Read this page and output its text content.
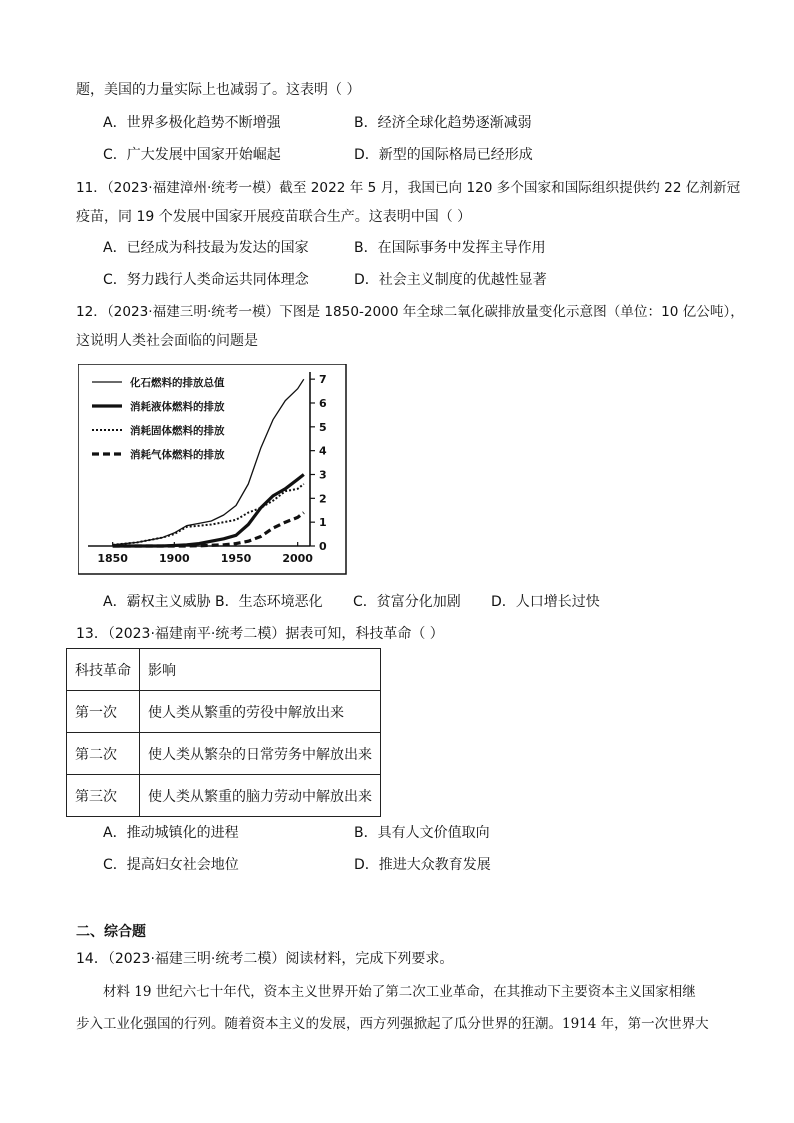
题，美国的力量实际上也减弱了。这表明（ ）
A．世界多极化趋势不断增强	B．经济全球化趋势逐渐减弱
C．广大发展中国家开始崛起	D．新型的国际格局已经形成
11．（2023·福建漳州·统考一模）截至 2022 年 5 月，我国已向 120 多个国家和国际组织提供约 22 亿剂新冠
疫苗，同 19 个发展中国家开展疫苗联合生产。这表明中国（ ）
A．已经成为科技最为发达的国家	B．在国际事务中发挥主导作用
C．努力践行人类命运共同体理念	D．社会主义制度的优越性显著
12．（2023·福建三明·统考一模）下图是 1850-2000 年全球二氧化碳排放量变化示意图（单位：10 亿公吨），
这说明人类社会面临的问题是
化石燃料的排放总值
消耗液体燃料的排放
消耗固体燃料的排放
消耗气体燃料的排放
0
1
2
3
4
5
6
7
1850	1900	1950	2000
A．霸权主义威胁 B．生态环境恶化 C．贫富分化加剧 D．人口增长过快
13．（2023·福建南平·统考二模）据表可知，科技革命（ ）
科技革命	影响
第一次	使人类从繁重的劳役中解放出来
第二次	使人类从繁杂的日常劳务中解放出来
第三次	使人类从繁重的脑力劳动中解放出来
A．推动城镇化的进程	B．具有人文价值取向
C．提高妇女社会地位	D．推进大众教育发展
二、综合题
14．（2023·福建三明·统考二模）阅读材料，完成下列要求。
材料 19 世纪六七十年代，资本主义世界开始了第二次工业革命，在其推动下主要资本主义国家相继
步入工业化强国的行列。随着资本主义的发展，西方列强掀起了瓜分世界的狂潮。1914 年，第一次世界大
